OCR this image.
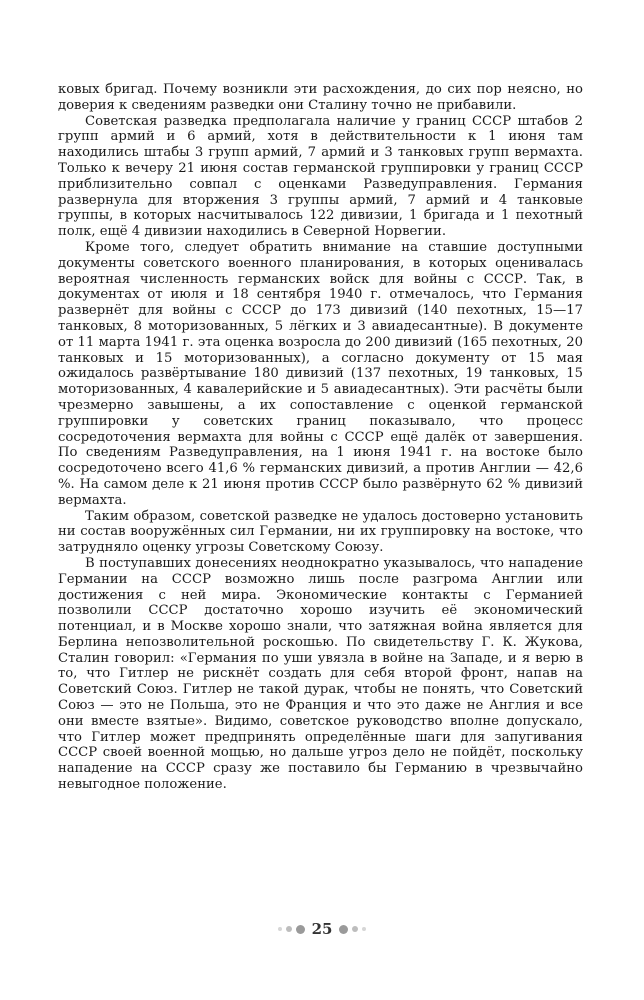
ковых бригад. Почему возникли эти расхождения, до сих пор неясно, но доверия к сведениям разведки они Сталину точно не прибавили.

Советская разведка предполагала наличие у границ СССР штабов 2 групп армий и 6 армий, хотя в действительности к 1 июня там находились штабы 3 групп армий, 7 армий и 3 танковых групп вермахта. Только к вечеру 21 июня состав германской группировки у границ СССР приблизительно совпал с оценками Разведуправления. Германия развернула для вторжения 3 группы армий, 7 армий и 4 танковые группы, в которых насчитывалось 122 дивизии, 1 бригада и 1 пехотный полк, ещё 4 дивизии находились в Северной Норвегии.

Кроме того, следует обратить внимание на ставшие доступными документы советского военного планирования, в которых оценивалась вероятная численность германских войск для войны с СССР. Так, в документах от июля и 18 сентября 1940 г. отмечалось, что Германия развернёт для войны с СССР до 173 дивизий (140 пехотных, 15—17 танковых, 8 моторизованных, 5 лёгких и 3 авиадесантные). В документе от 11 марта 1941 г. эта оценка возросла до 200 дивизий (165 пехотных, 20 танковых и 15 моторизованных), а согласно документу от 15 мая ожидалось развёртывание 180 дивизий (137 пехотных, 19 танковых, 15 моторизованных, 4 кавалерийские и 5 авиадесантных). Эти расчёты были чрезмерно завышены, а их сопоставление с оценкой германской группировки у советских границ показывало, что процесс сосредоточения вермахта для войны с СССР ещё далёк от завершения. По сведениям Разведуправления, на 1 июня 1941 г. на востоке было сосредоточено всего 41,6 % германских дивизий, а против Англии — 42,6 %. На самом деле к 21 июня против СССР было развёрнуто 62 % дивизий вермахта.

Таким образом, советской разведке не удалось достоверно установить ни состав вооружённых сил Германии, ни их группировку на востоке, что затрудняло оценку угрозы Советскому Союзу.

В поступавших донесениях неоднократно указывалось, что нападение Германии на СССР возможно лишь после разгрома Англии или достижения с ней мира. Экономические контакты с Германией позволили СССР достаточно хорошо изучить её экономический потенциал, и в Москве хорошо знали, что затяжная война является для Берлина непозволительной роскошью. По свидетельству Г. К. Жукова, Сталин говорил: «Германия по уши увязла в войне на Западе, и я верю в то, что Гитлер не рискнёт создать для себя второй фронт, напав на Советский Союз. Гитлер не такой дурак, чтобы не понять, что Советский Союз — это не Польша, это не Франция и что это даже не Англия и все они вместе взятые». Видимо, советское руководство вполне допускало, что Гитлер может предпринять определённые шаги для запугивания СССР своей военной мощью, но дальше угроз дело не пойдёт, поскольку нападение на СССР сразу же поставило бы Германию в чрезвычайно невыгодное положение.

25
